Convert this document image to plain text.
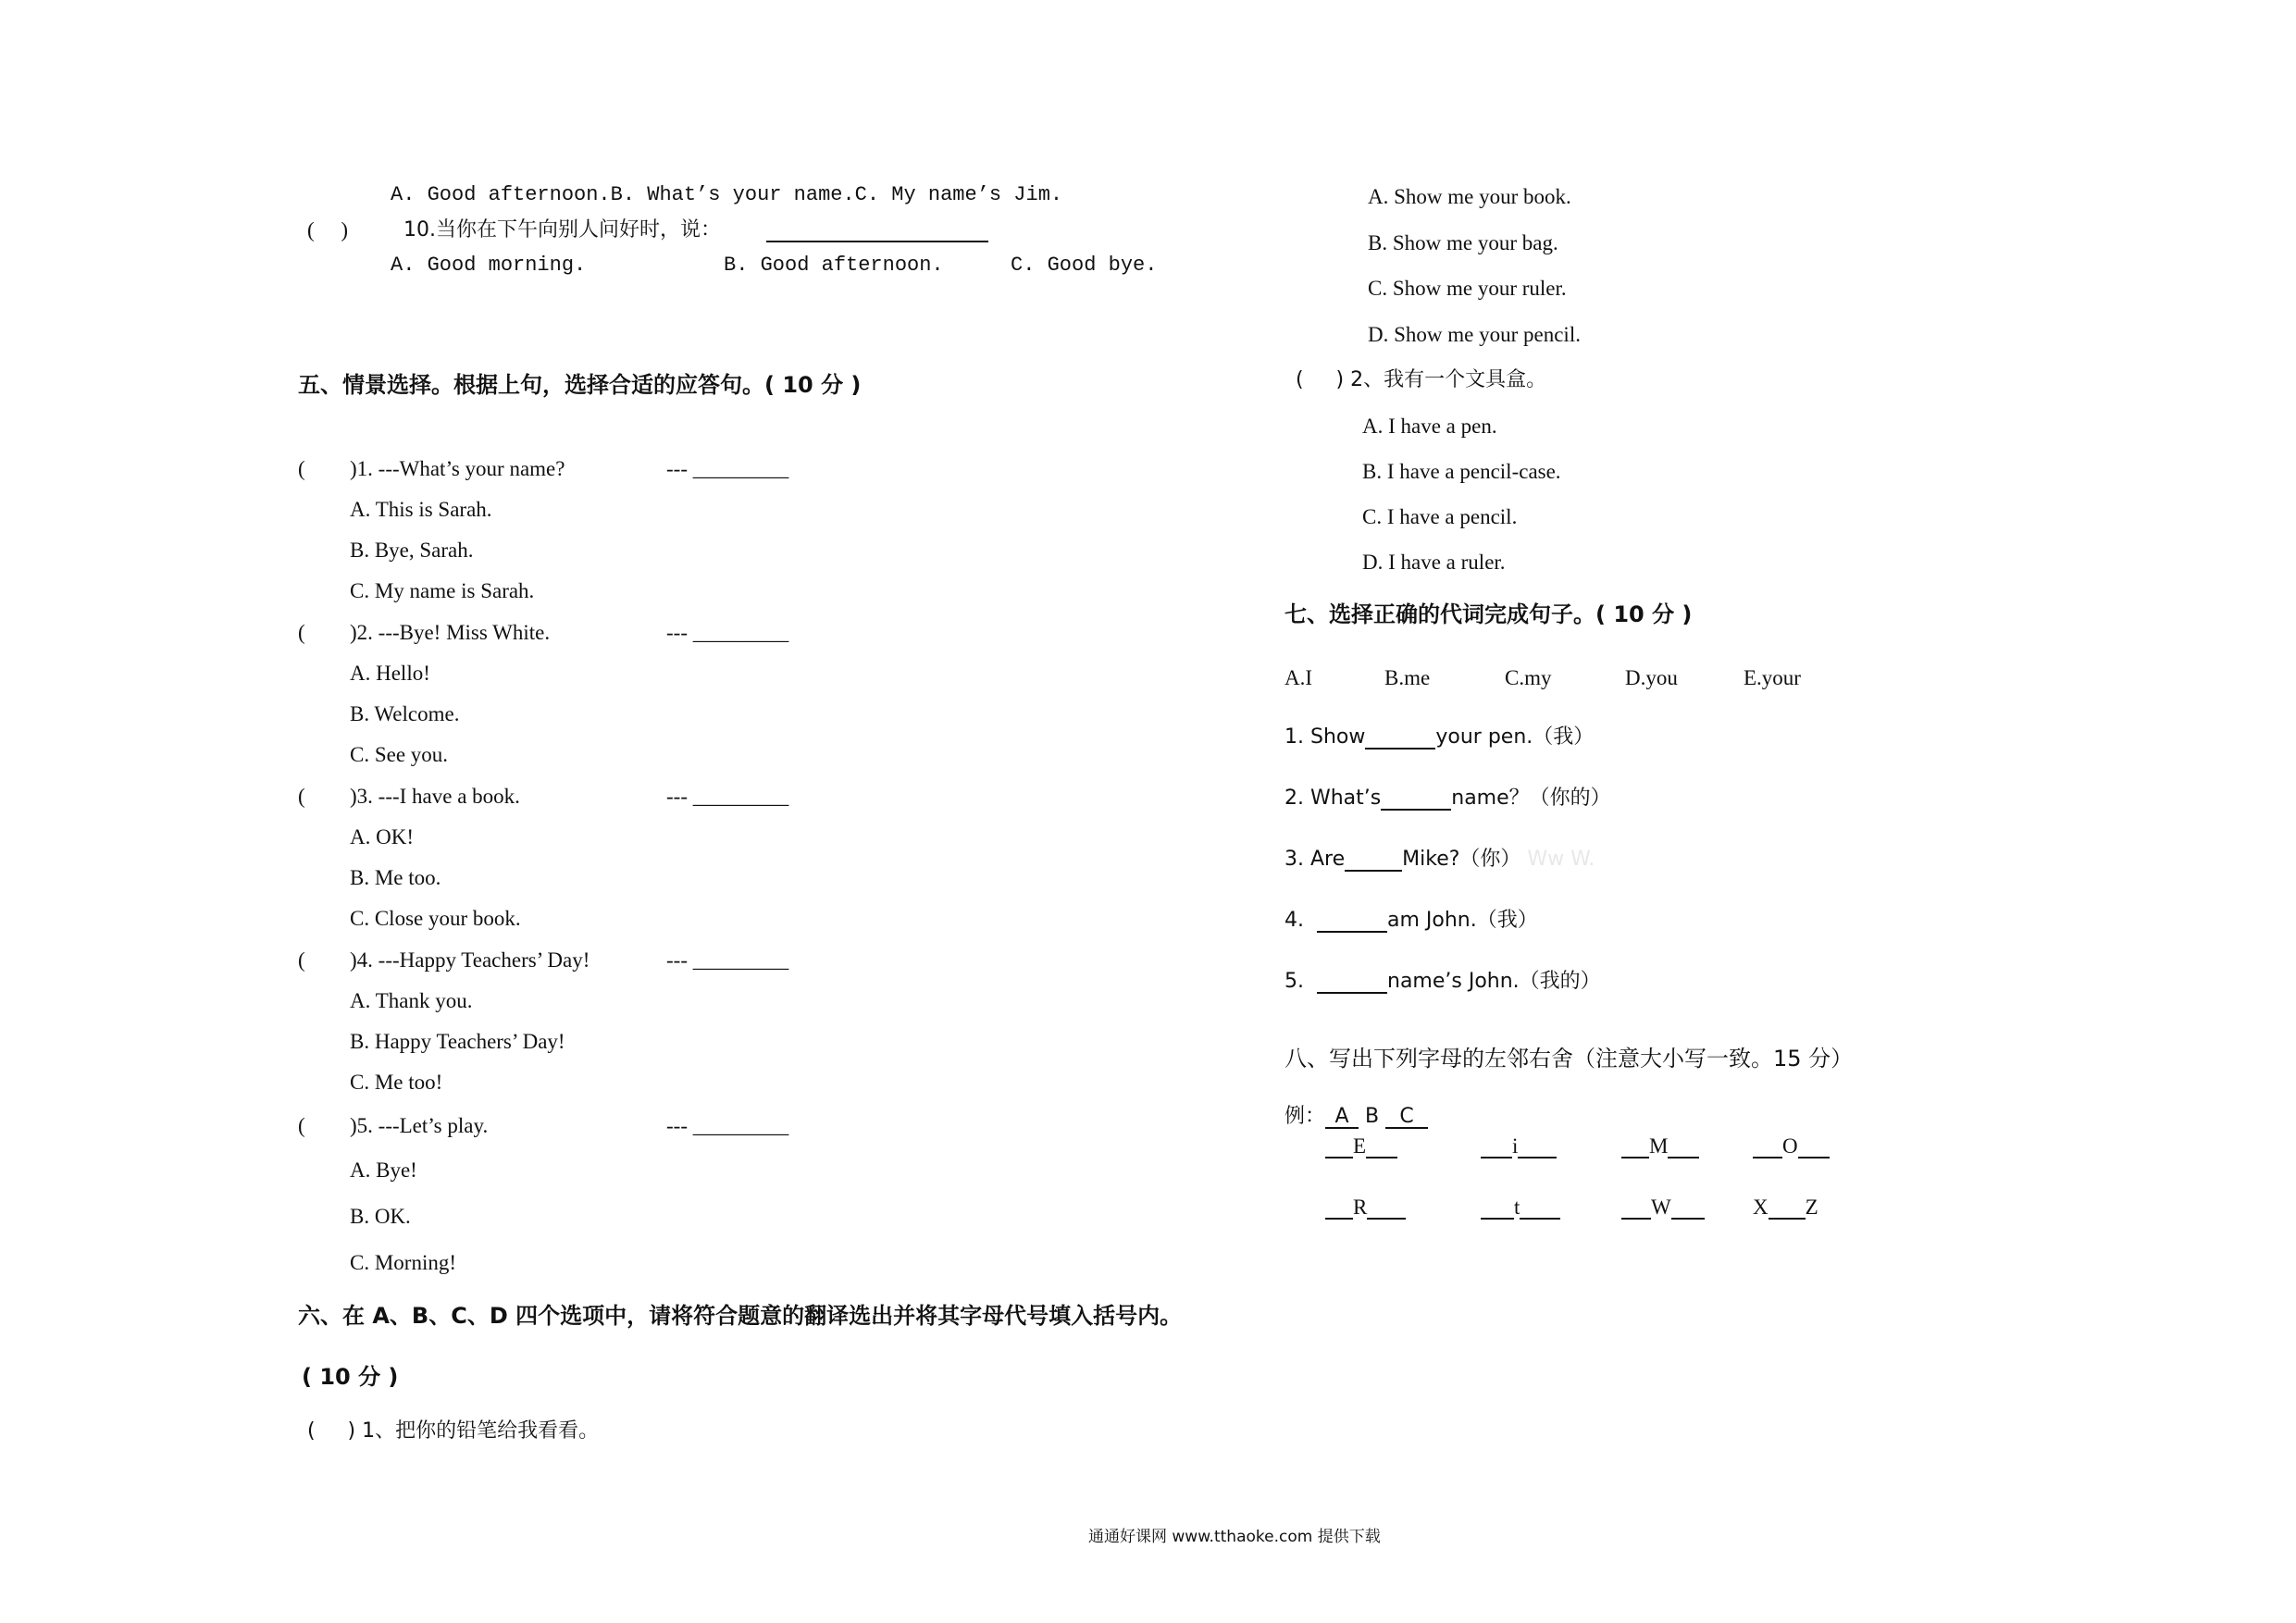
A. Good afternoon.B. What’s your name.C. My name’s Jim.
(     )	10.当你在下午向别人问好时，说：
A. Good morning.	B. Good afternoon.	C. Good bye.
五、情景选择。根据上句，选择合适的应答句。( 10 分 )
( )1. ---What’s your name?	--- _________
A. This is Sarah.
B. Bye, Sarah.
C. My name is Sarah.
( )2. ---Bye! Miss White.	--- _________
A. Hello!
B. Welcome.
C. See you.
( )3. ---I have a book.	--- _________
A. OK!
B. Me too.
C. Close your book.
( )4. ---Happy Teachers’ Day!	--- _________
A. Thank you.
B. Happy Teachers’ Day!
C. Me too!
( )5. ---Let’s play.	--- _________
A. Bye!
B. OK.
C. Morning!
六、在 A、B、C、D 四个选项中，请将符合题意的翻译选出并将其字母代号填入括号内。
( 10 分 )
(     ) 1、把你的铅笔给我看看。
A. Show me your book.
B. Show me your bag.
C. Show me your ruler.
D. Show me your pencil.
(     ) 2、我有一个文具盒。
A. I have a pen.
B. I have a pencil-case.
C. I have a pencil.
D. I have a ruler.
七、选择正确的代词完成句子。( 10 分 )
A.I	B.me	C.my	D.you	E.your
1. Show	your pen.（我）
2. What’s	name？（你的）
3. Are	Mike?（你） Ww W.
4.	am John.（我）
5.	name’s John.（我的）
八、写出下列字母的左邻右舍（注意大小写一致。15 分）
例： A B C
E	i	M	O
R	t	W	X Z
通通好课网 www.tthaoke.com 提供下载
